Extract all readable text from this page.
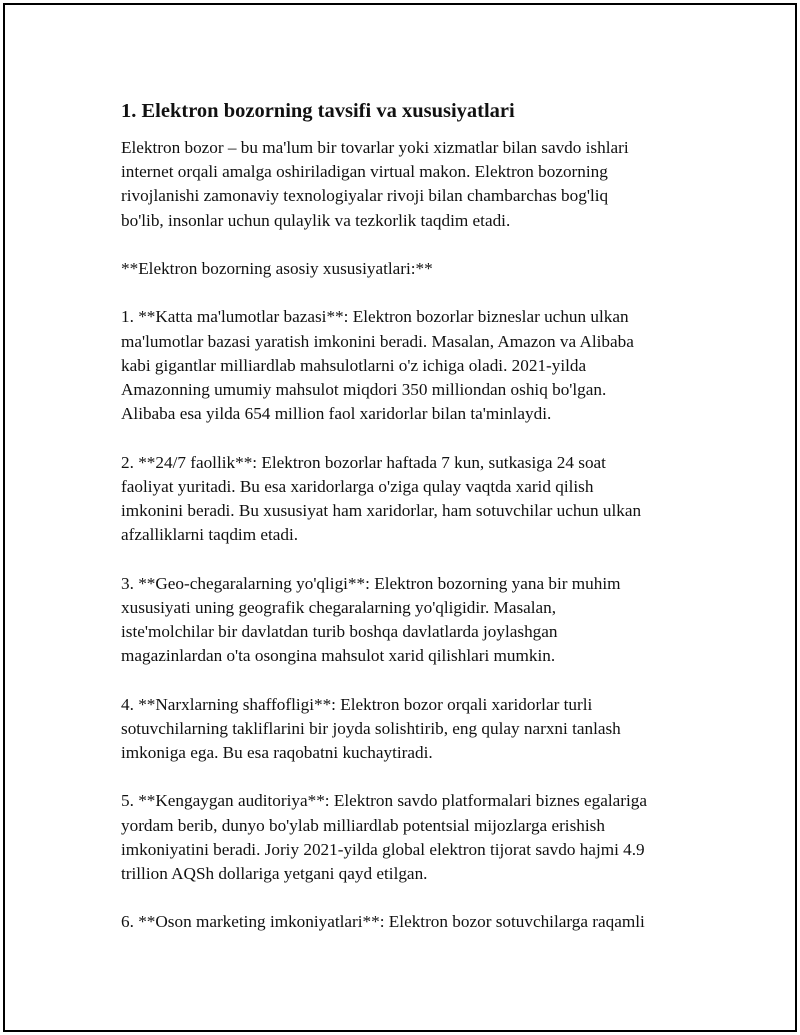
1. Elektron bozorning tavsifi va xususiyatlari

Elektron bozor – bu ma'lum bir tovarlar yoki xizmatlar bilan savdo ishlari
internet orqali amalga oshiriladigan virtual makon. Elektron bozorning
rivojlanishi zamonaviy texnologiyalar rivoji bilan chambarchas bog'liq
bo'lib, insonlar uchun qulaylik va tezkorlik taqdim etadi.

**Elektron bozorning asosiy xususiyatlari:**

1. **Katta ma'lumotlar bazasi**: Elektron bozorlar bizneslar uchun ulkan
ma'lumotlar bazasi yaratish imkonini beradi. Masalan, Amazon va Alibaba
kabi gigantlar milliardlab mahsulotlarni o'z ichiga oladi. 2021-yilda
Amazonning umumiy mahsulot miqdori 350 milliondan oshiq bo'lgan.
Alibaba esa yilda 654 million faol xaridorlar bilan ta'minlaydi.

2. **24/7 faollik**: Elektron bozorlar haftada 7 kun, sutkasiga 24 soat
faoliyat yuritadi. Bu esa xaridorlarga o'ziga qulay vaqtda xarid qilish
imkonini beradi. Bu xususiyat ham xaridorlar, ham sotuvchilar uchun ulkan
afzalliklarni taqdim etadi.

3. **Geo-chegaralarning yo'qligi**: Elektron bozorning yana bir muhim
xususiyati uning geografik chegaralarning yo'qligidir. Masalan,
iste'molchilar bir davlatdan turib boshqa davlatlarda joylashgan
magazinlardan o'ta osongina mahsulot xarid qilishlari mumkin.

4. **Narxlarning shaffofligi**: Elektron bozor orqali xaridorlar turli
sotuvchilarning takliflarini bir joyda solishtirib, eng qulay narxni tanlash
imkoniga ega. Bu esa raqobatni kuchaytiradi.

5. **Kengaygan auditoriya**: Elektron savdo platformalari biznes egalariga
yordam berib, dunyo bo'ylab milliardlab potentsial mijozlarga erishish
imkoniyatini beradi. Joriy 2021-yilda global elektron tijorat savdo hajmi 4.9
trillion AQSh dollariga yetgani qayd etilgan.

6. **Oson marketing imkoniyatlari**: Elektron bozor sotuvchilarga raqamli
